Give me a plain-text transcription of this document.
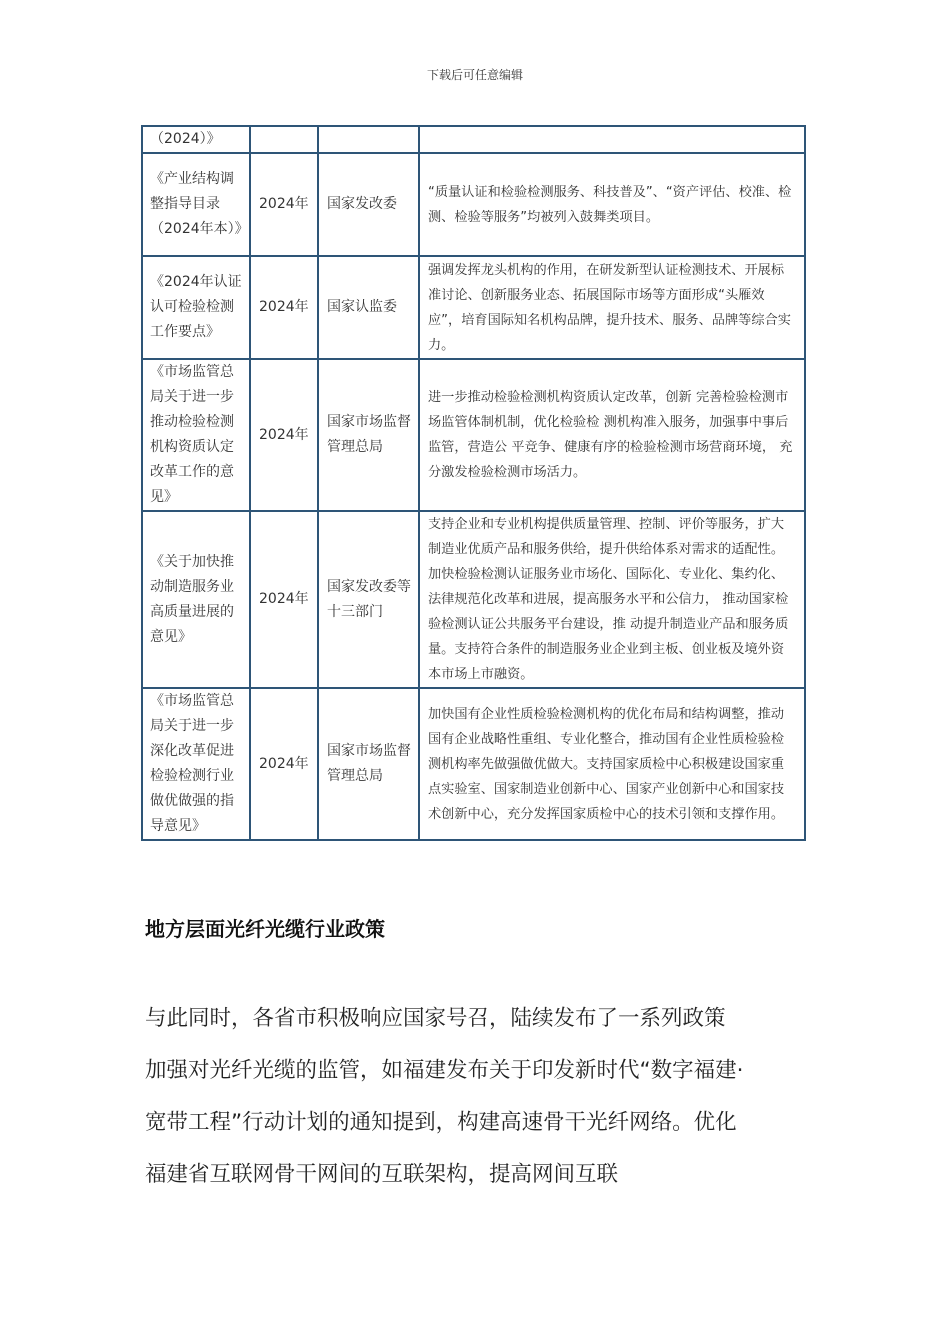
下载后可任意编辑
（2024）》			
《产业结构调整指导目录（2024年本）》	2024年	国家发改委	“质量认证和检验检测服务、科技普及”、“资产评估、校准、检测、检验等服务”均被列入鼓舞类项目。
《2024年认证认可检验检测工作要点》	2024年	国家认监委	强调发挥龙头机构的作用，在研发新型认证检测技术、开展标准讨论、创新服务业态、拓展国际市场等方面形成“头雁效应”，培育国际知名机构品牌，提升技术、服务、品牌等综合实力。
《市场监管总局关于进一步推动检验检测机构资质认定改革工作的意见》	2024年	国家市场监督管理总局	进一步推动检验检测机构资质认定改革，创新 完善检验检测市场监管体制机制，优化检验检 测机构准入服务，加强事中事后监管，营造公 平竞争、健康有序的检验检测市场营商环境， 充分激发检验检测市场活力。
《关于加快推动制造服务业高质量进展的意见》	2024年	国家发改委等十三部门	支持企业和专业机构提供质量管理、控制、评价等服务，扩大制造业优质产品和服务供给，提升供给体系对需求的适配性。加快检验检测认证服务业市场化、国际化、专业化、集约化、 法律规范化改革和进展，提高服务水平和公信力， 推动国家检验检测认证公共服务平台建设，推 动提升制造业产品和服务质量。支持符合条件的制造服务业企业到主板、创业板及境外资本市场上市融资。
《市场监管总局关于进一步深化改革促进检验检测行业做优做强的指导意见》	2024年	国家市场监督管理总局	加快国有企业性质检验检测机构的优化布局和结构调整，推动国有企业战略性重组、专业化整合，推动国有企业性质检验检测机构率先做强做优做大。支持国家质检中心积极建设国家重点实验室、国家制造业创新中心、国家产业创新中心和国家技术创新中心，充分发挥国家质检中心的技术引领和支撑作用。
地方层面光纤光缆行业政策
与此同时，各省市积极响应国家号召，陆续发布了一系列政策加强对光纤光缆的监管，如福建发布关于印发新时代“数字福建·宽带工程”行动计划的通知提到，构建高速骨干光纤网络。优化福建省互联网骨干网间的互联架构，提高网间互联
